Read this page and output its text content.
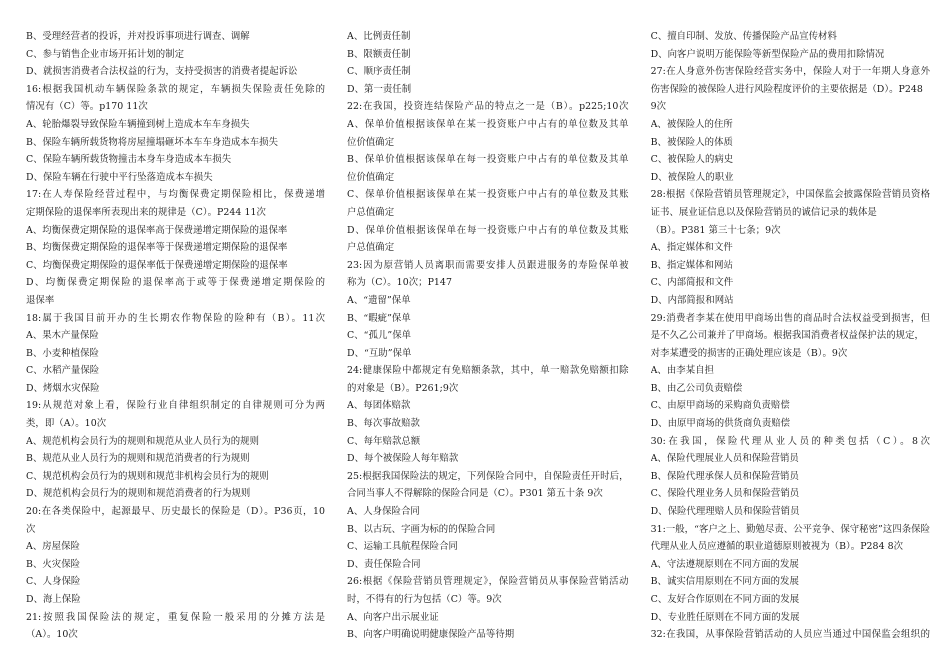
B、受理经营者的投诉，并对投诉事项进行调查、调解
C、参与销售企业市场开拓计划的制定
D、就损害消费者合法权益的行为，支持受损害的消费者提起诉讼
16:根据我国机动车辆保险条款的规定，车辆损失保险责任免除的
情况有（C）等。p170 11次
A、轮胎爆裂导致保险车辆撞到树上造成本车车身损失
B、保险车辆所载货物将房屋撞塌砸坏本车车身造成本车损失
C、保险车辆所载货物撞击本身车身造成本车损失
D、保险车辆在行驶中平行坠落造成本车损失
17:在人寿保险经营过程中，与均衡保费定期保险相比，保费递增
定期保险的退保率所表现出来的规律是（C）。P244 11次
A、均衡保费定期保险的退保率高于保费递增定期保险的退保率
B、均衡保费定期保险的退保率等于保费递增定期保险的退保率
C、均衡保费定期保险的退保率低于保费递增定期保险的退保率
D、均衡保费定期保险的退保率高于或等于保费递增定期保险的
退保率
18:属于我国目前开办的生长期农作物保险的险种有（B）。11次
A、果木产量保险
B、小麦种植保险
C、水稻产量保险
D、烤烟水灾保险
19:从规范对象上看，保险行业自律组织制定的自律规则可分为两
类，即（A）。10次
A、规范机构会员行为的规则和规范从业人员行为的规则
B、规范从业人员行为的规则和规范消费者的行为规则
C、规范机构会员行为的规则和规范非机构会员行为的规则
D、规范机构会员行为的规则和规范消费者的行为规则
20:在各类保险中，起源最早、历史最长的保险是（D）。P36页，10
次
A、房屋保险
B、火灾保险
C、人身保险
D、海上保险
21:按照我国保险法的规定，重复保险一般采用的分摊方法是
（A）。10次
A、比例责任制
B、限额责任制
C、顺序责任制
D、第一责任制
22:在我国，投资连结保险产品的特点之一是（B）。p225;10次
A、保单价值根据该保单在某一投资账户中占有的单位数及其单
位价值确定
B、保单价值根据该保单在每一投资账户中占有的单位数及其单
位价值确定
C、保单价值根据该保单在某一投资账户中占有的单位数及其账
户总值确定
D、保单价值根据该保单在每一投资账户中占有的单位数及其账
户总值确定
23:因为原营销人员离职而需要安排人员跟进服务的寿险保单被
称为（C）。10次；P147
A、“遗留”保单
B、“暇疵”保单
C、“孤儿”保单
D、“互助”保单
24:健康保险中都规定有免赔额条款，其中，单一赔款免赔额扣除
的对象是（B）。P261;9次
A、每团体赔款
B、每次事故赔款
C、每年赔款总额
D、每个被保险人每年赔款
25:根据我国保险法的规定，下列保险合同中，自保险责任开时后，
合同当事人不得解除的保险合同是（C）。P301 第五十条 9次
A、人身保险合同
B、以古玩、字画为标的的保险合同
C、运输工具航程保险合同
D、责任保险合同
26:根据《保险营销员管理规定》，保险营销员从事保险营销活动
时，不得有的行为包括（C）等。9次
A、向客户出示展业证
B、向客户明确说明健康保险产品等待期
C、擅自印制、发放、传播保险产品宣传材料
D、向客户说明万能保险等新型保险产品的费用扣除情况
27:在人身意外伤害保险经营实务中，保险人对于一年期人身意外
伤害保险的被保险人进行风险程度评价的主要依据是（D）。P248
9次
A、被保险人的住所
B、被保险人的体质
C、被保险人的病史
D、被保险人的职业
28:根据《保险营销员管理规定》，中国保监会披露保险营销员资格
证书、展业证信息以及保险营销员的诚信记录的载体是
（B）。P381 第三十七条；9次
A、指定媒体和文件
B、指定媒体和网站
C、内部简报和文件
D、内部简报和网站
29:消费者李某在使用甲商场出售的商品时合法权益受到损害，但
是不久乙公司兼并了甲商场。根据我国消费者权益保护法的规定，
对李某遭受的损害的正确处理应该是（B）。9次
A、由李某自担
B、由乙公司负责赔偿
C、由原甲商场的采购商负责赔偿
D、由原甲商场的供货商负责赔偿
30:在我国，保险代理从业人员的种类包括（C）。8次
A、保险代理展业人员和保险营销员
B、保险代理承保人员和保险营销员
C、保险代理业务人员和保险营销员
D、保险代理理赔人员和保险营销员
31:一般，“客户之上、勤勉尽责、公平竞争、保守秘密”这四条保险
代理从业人员应遵循的职业道德原则被视为（B）。P284 8次
A、守法遵规原则在不同方面的发展
B、诚实信用原则在不同方面的发展
C、友好合作原则在不同方面的发展
D、专业胜任原则在不同方面的发展
32:在我国，从事保险营销活动的人员应当通过中国保监会组织的
